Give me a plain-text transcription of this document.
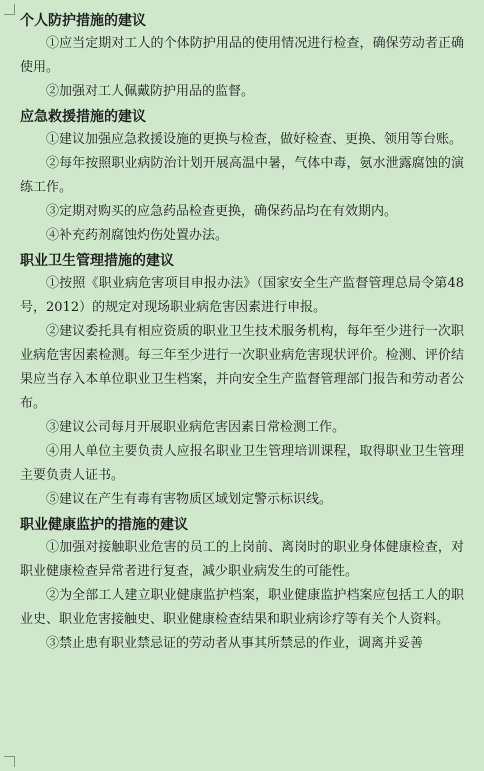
个人防护措施的建议

①应当定期对工人的个体防护用品的使用情况进行检查，确保劳动者正确使用。

②加强对工人佩戴防护用品的监督。

应急救援措施的建议

①建议加强应急救援设施的更换与检查，做好检查、更换、领用等台账。

②每年按照职业病防治计划开展高温中暑，气体中毒，氨水泄露腐蚀的演练工作。

③定期对购买的应急药品检查更换，确保药品均在有效期内。

④补充药剂腐蚀灼伤处置办法。

职业卫生管理措施的建议

①按照《职业病危害项目申报办法》（国家安全生产监督管理总局令第48号，2012）的规定对现场职业病危害因素进行申报。

②建议委托具有相应资质的职业卫生技术服务机构，每年至少进行一次职业病危害因素检测。每三年至少进行一次职业病危害现状评价。检测、评价结果应当存入本单位职业卫生档案，并向安全生产监督管理部门报告和劳动者公布。

③建议公司每月开展职业病危害因素日常检测工作。

④用人单位主要负责人应报名职业卫生管理培训课程，取得职业卫生管理主要负责人证书。

⑤建议在产生有毒有害物质区域划定警示标识线。

职业健康监护的措施的建议

①加强对接触职业危害的员工的上岗前、离岗时的职业身体健康检查，对职业健康检查异常者进行复查，减少职业病发生的可能性。

②为全部工人建立职业健康监护档案，职业健康监护档案应包括工人的职业史、职业危害接触史、职业健康检查结果和职业病诊疗等有关个人资料。

③禁止患有职业禁忌证的劳动者从事其所禁忌的作业，调离并妥善
